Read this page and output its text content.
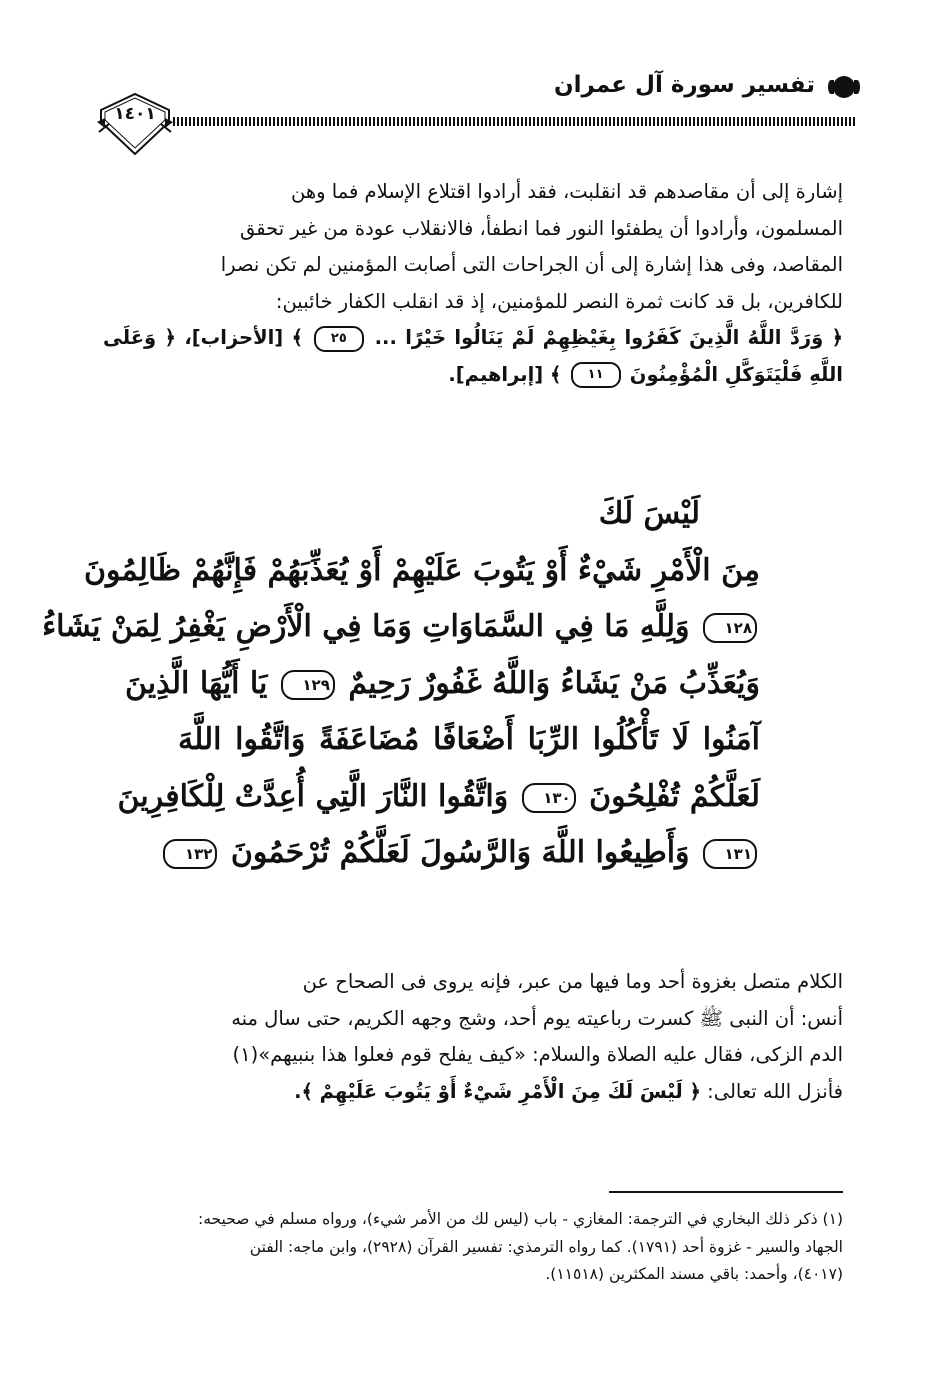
تفسير سورة آل عمران
١٤٠١

إشارة إلى أن مقاصدهم قد انقلبت، فقد أرادوا اقتلاع الإسلام فما وهن

المسلمون، وأرادوا أن يطفئوا النور فما انطفأ، فالانقلاب عودة من غير تحقق

المقاصد، وفى هذا إشارة إلى أن الجراحات التى أصابت المؤمنين لم تكن نصرا

للكافرين، بل قد كانت ثمرة النصر للمؤمنين، إذ قد انقلب الكفار خائبين:

﴿ وَرَدَّ اللَّهُ الَّذِينَ كَفَرُوا بِغَيْظِهِمْ لَمْ يَنَالُوا خَيْرًا ... ٢٥ ﴾ [الأحزاب]، ﴿ وَعَلَى اللَّهِ فَلْيَتَوَكَّلِ الْمُؤْمِنُونَ ١١ ﴾ [إبراهيم].

لَيْسَ لَكَ
مِنَ الْأَمْرِ شَيْءٌ أَوْ يَتُوبَ عَلَيْهِمْ أَوْ يُعَذِّبَهُمْ فَإِنَّهُمْ ظَالِمُونَ
١٢٨ وَلِلَّهِ مَا فِي السَّمَاوَاتِ وَمَا فِي الْأَرْضِ يَغْفِرُ لِمَنْ يَشَاءُ
وَيُعَذِّبُ مَنْ يَشَاءُ وَاللَّهُ غَفُورٌ رَحِيمٌ ١٢٩ يَا أَيُّهَا الَّذِينَ
آمَنُوا لَا تَأْكُلُوا الرِّبَا أَضْعَافًا مُضَاعَفَةً وَاتَّقُوا اللَّهَ
لَعَلَّكُمْ تُفْلِحُونَ ١٣٠ وَاتَّقُوا النَّارَ الَّتِي أُعِدَّتْ لِلْكَافِرِينَ
١٣١ وَأَطِيعُوا اللَّهَ وَالرَّسُولَ لَعَلَّكُمْ تُرْحَمُونَ ١٣٢

الكلام متصل بغزوة أحد وما فيها من عبر، فإنه يروى فى الصحاح عن

أنس: أن النبى ﷺ كسرت رباعيته يوم أحد، وشج وجهه الكريم، حتى سال منه

الدم الزكى، فقال عليه الصلاة والسلام: «كيف يفلح قوم فعلوا هذا بنبيهم»(١)

فأنزل الله تعالى: ﴿ لَيْسَ لَكَ مِنَ الْأَمْرِ شَيْءٌ أَوْ يَتُوبَ عَلَيْهِمْ ﴾.

(١) ذكر ذلك البخاري في الترجمة: المغازي - باب (ليس لك من الأمر شيء)، ورواه مسلم في صحيحه:
الجهاد والسير - غزوة أحد (١٧٩١). كما رواه الترمذي: تفسير القرآن (٢٩٢٨)، وابن ماجه: الفتن
(٤٠١٧)، وأحمد: باقي مسند المكثرين (١١٥١٨).
